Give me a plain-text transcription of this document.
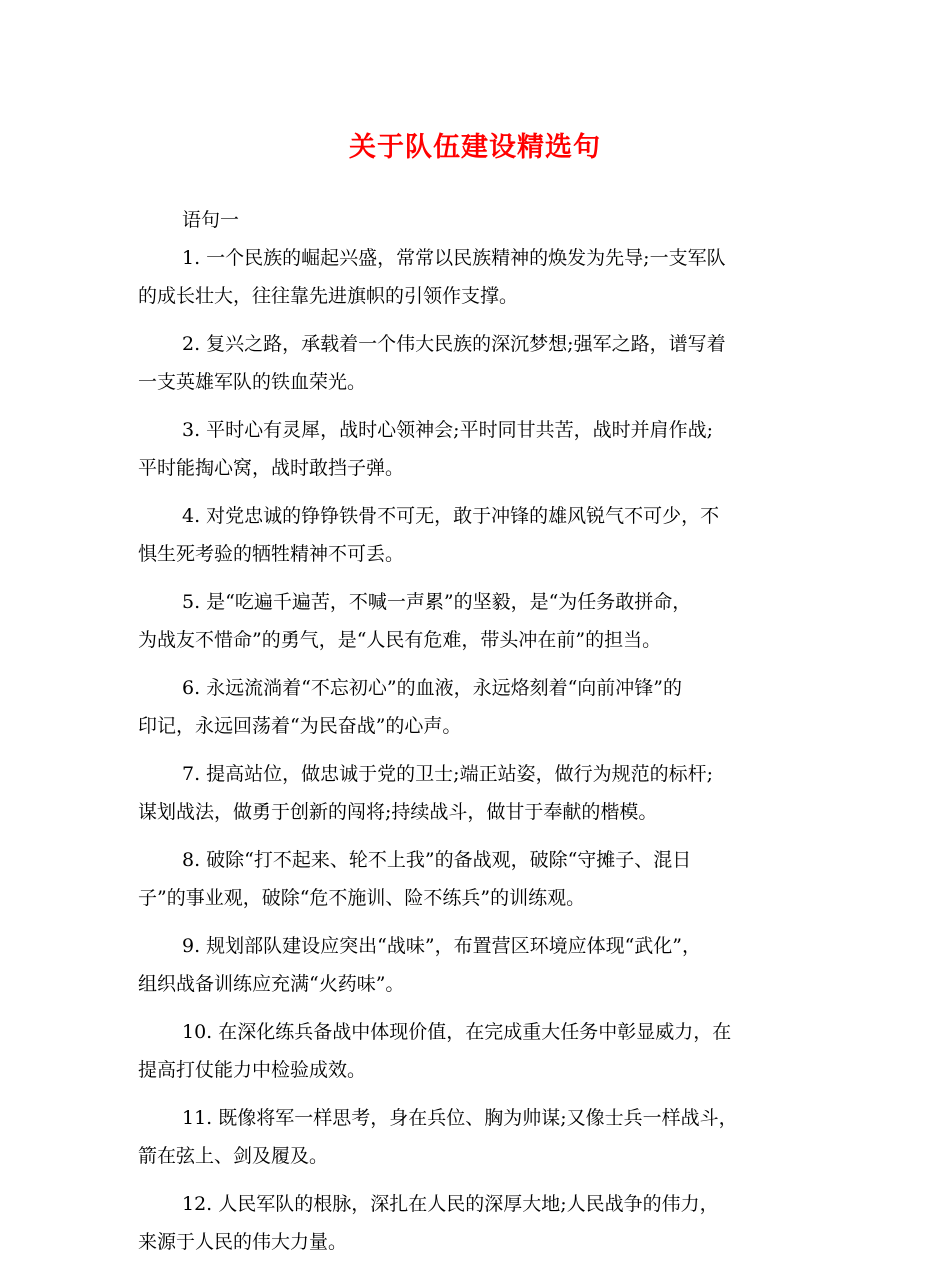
关于队伍建设精选句
语句一
1. 一个民族的崛起兴盛，常常以民族精神的焕发为先导;一支军队
的成长壮大，往往靠先进旗帜的引领作支撑。
2. 复兴之路，承载着一个伟大民族的深沉梦想;强军之路，谱写着
一支英雄军队的铁血荣光。
3. 平时心有灵犀，战时心领神会;平时同甘共苦，战时并肩作战;
平时能掏心窝，战时敢挡子弹。
4. 对党忠诚的铮铮铁骨不可无，敢于冲锋的雄风锐气不可少，不
惧生死考验的牺牲精神不可丢。
5. 是“吃遍千遍苦，不喊一声累”的坚毅，是“为任务敢拼命，
为战友不惜命”的勇气，是“人民有危难，带头冲在前”的担当。
6. 永远流淌着“不忘初心”的血液，永远烙刻着“向前冲锋”的
印记，永远回荡着“为民奋战”的心声。
7. 提高站位，做忠诚于党的卫士;端正站姿，做行为规范的标杆;
谋划战法，做勇于创新的闯将;持续战斗，做甘于奉献的楷模。
8. 破除“打不起来、轮不上我”的备战观，破除“守摊子、混日
子”的事业观，破除“危不施训、险不练兵”的训练观。
9. 规划部队建设应突出“战味”，布置营区环境应体现“武化”，
组织战备训练应充满“火药味”。
10. 在深化练兵备战中体现价值，在完成重大任务中彰显威力，在
提高打仗能力中检验成效。
11. 既像将军一样思考，身在兵位、胸为帅谋;又像士兵一样战斗，
箭在弦上、剑及履及。
12. 人民军队的根脉，深扎在人民的深厚大地;人民战争的伟力，
来源于人民的伟大力量。
